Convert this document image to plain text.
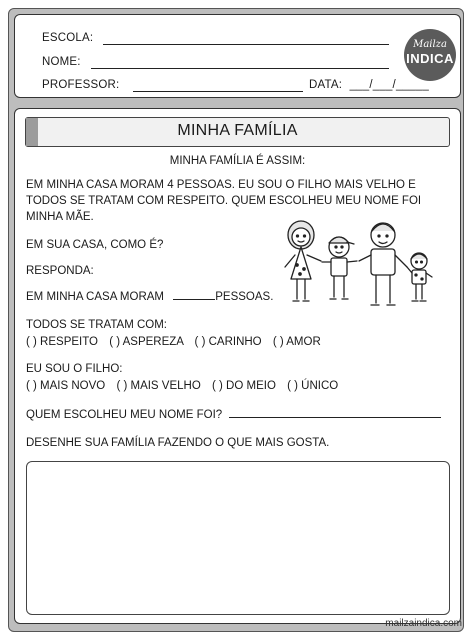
ESCOLA:
NOME:
PROFESSOR:	DATA: ___/___/_____
Mailza
INDICA
MINHA FAMÍLIA
MINHA FAMÍLIA É ASSIM:
EM MINHA CASA MORAM 4 PESSOAS. EU SOU O FILHO MAIS VELHO E
TODOS SE TRATAM COM RESPEITO. QUEM ESCOLHEU MEU NOME FOI
MINHA MÃE.
EM SUA CASA, COMO É?
RESPONDA:
EM MINHA CASA MORAM	PESSOAS.
TODOS SE TRATAM COM:
( ) RESPEITO ( ) ASPEREZA ( ) CARINHO ( ) AMOR
EU SOU O FILHO:
( ) MAIS NOVO ( ) MAIS VELHO ( ) DO MEIO ( ) ÚNICO
QUEM ESCOLHEU MEU NOME FOI?
DESENHE SUA FAMÍLIA FAZENDO O QUE MAIS GOSTA.
mailzaindica.com
